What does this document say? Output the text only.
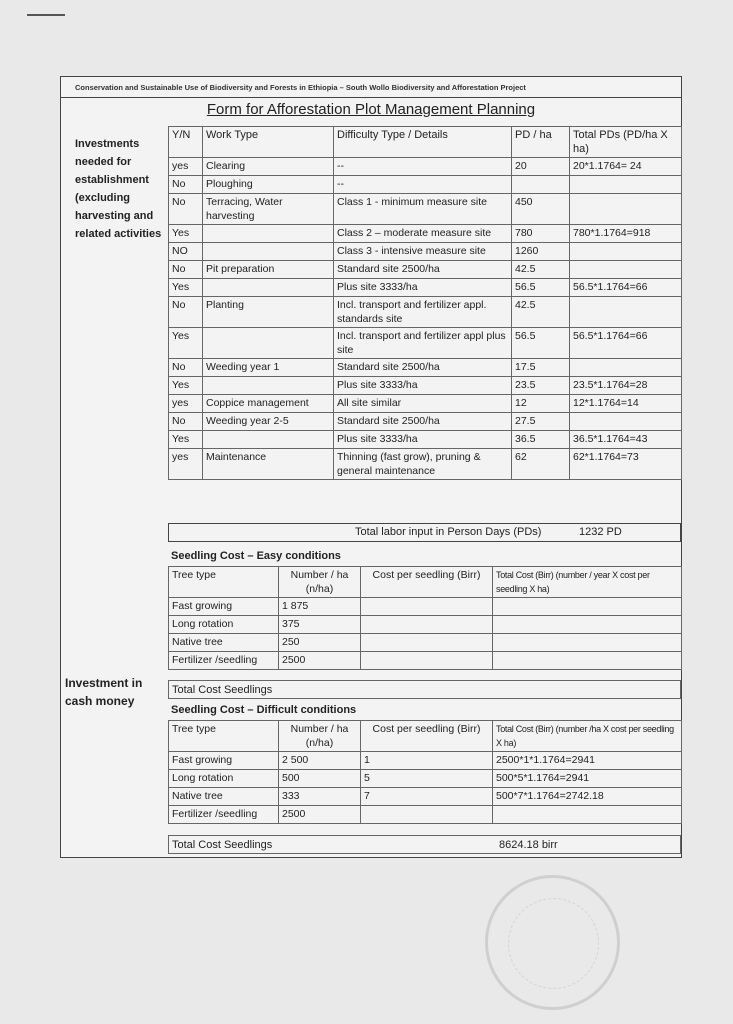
Conservation and Sustainable Use of Biodiversity and Forests in Ethiopia – South Wollo Biodiversity and Afforestation Project
Form for Afforestation Plot Management Planning
Investments needed for establishment (excluding harvesting and related activities
Y/N	Work Type	Difficulty Type / Details	PD / ha	Total PDs (PD/ha X ha)
yes	Clearing	--	20	20*1.1764= 24
No	Ploughing	--		
No	Terracing, Water harvesting	Class 1 - minimum measure site	450	
Yes		Class 2 – moderate measure site	780	780*1.1764=918
NO		Class 3 - intensive measure site	1260	
No	Pit preparation	Standard site 2500/ha	42.5	
Yes		Plus site 3333/ha	56.5	56.5*1.1764=66
No	Planting	Incl. transport and fertilizer appl. standards site	42.5	
Yes		Incl. transport and fertilizer appl plus site	56.5	56.5*1.1764=66
No	Weeding year 1	Standard site 2500/ha	17.5	
Yes		Plus site 3333/ha	23.5	23.5*1.1764=28
yes	Coppice management	All site similar	12	12*1.1764=14
No	Weeding year 2-5	Standard site 2500/ha	27.5	
Yes		Plus site 3333/ha	36.5	36.5*1.1764=43
yes	Maintenance	Thinning (fast grow), pruning & general maintenance	62	62*1.1764=73
Total labor input in Person Days (PDs)	1232 PD
Investment in cash money
Seedling Cost – Easy conditions
Tree type	Number / ha (n/ha)	Cost per seedling (Birr)	Total Cost (Birr) (number / year X cost per seedling X ha)
Fast growing	1 875		
Long rotation	375		
Native tree	250		
Fertilizer /seedling	2500		
Total Cost Seedlings
Seedling Cost – Difficult conditions
Tree type	Number / ha (n/ha)	Cost per seedling (Birr)	Total Cost (Birr) (number /ha X cost per seedling X ha)
Fast growing	2 500	1	2500*1*1.1764=2941
Long rotation	500	5	500*5*1.1764=2941
Native tree	333	7	500*7*1.1764=2742.18
Fertilizer /seedling	2500		
Total Cost Seedlings	8624.18 birr
